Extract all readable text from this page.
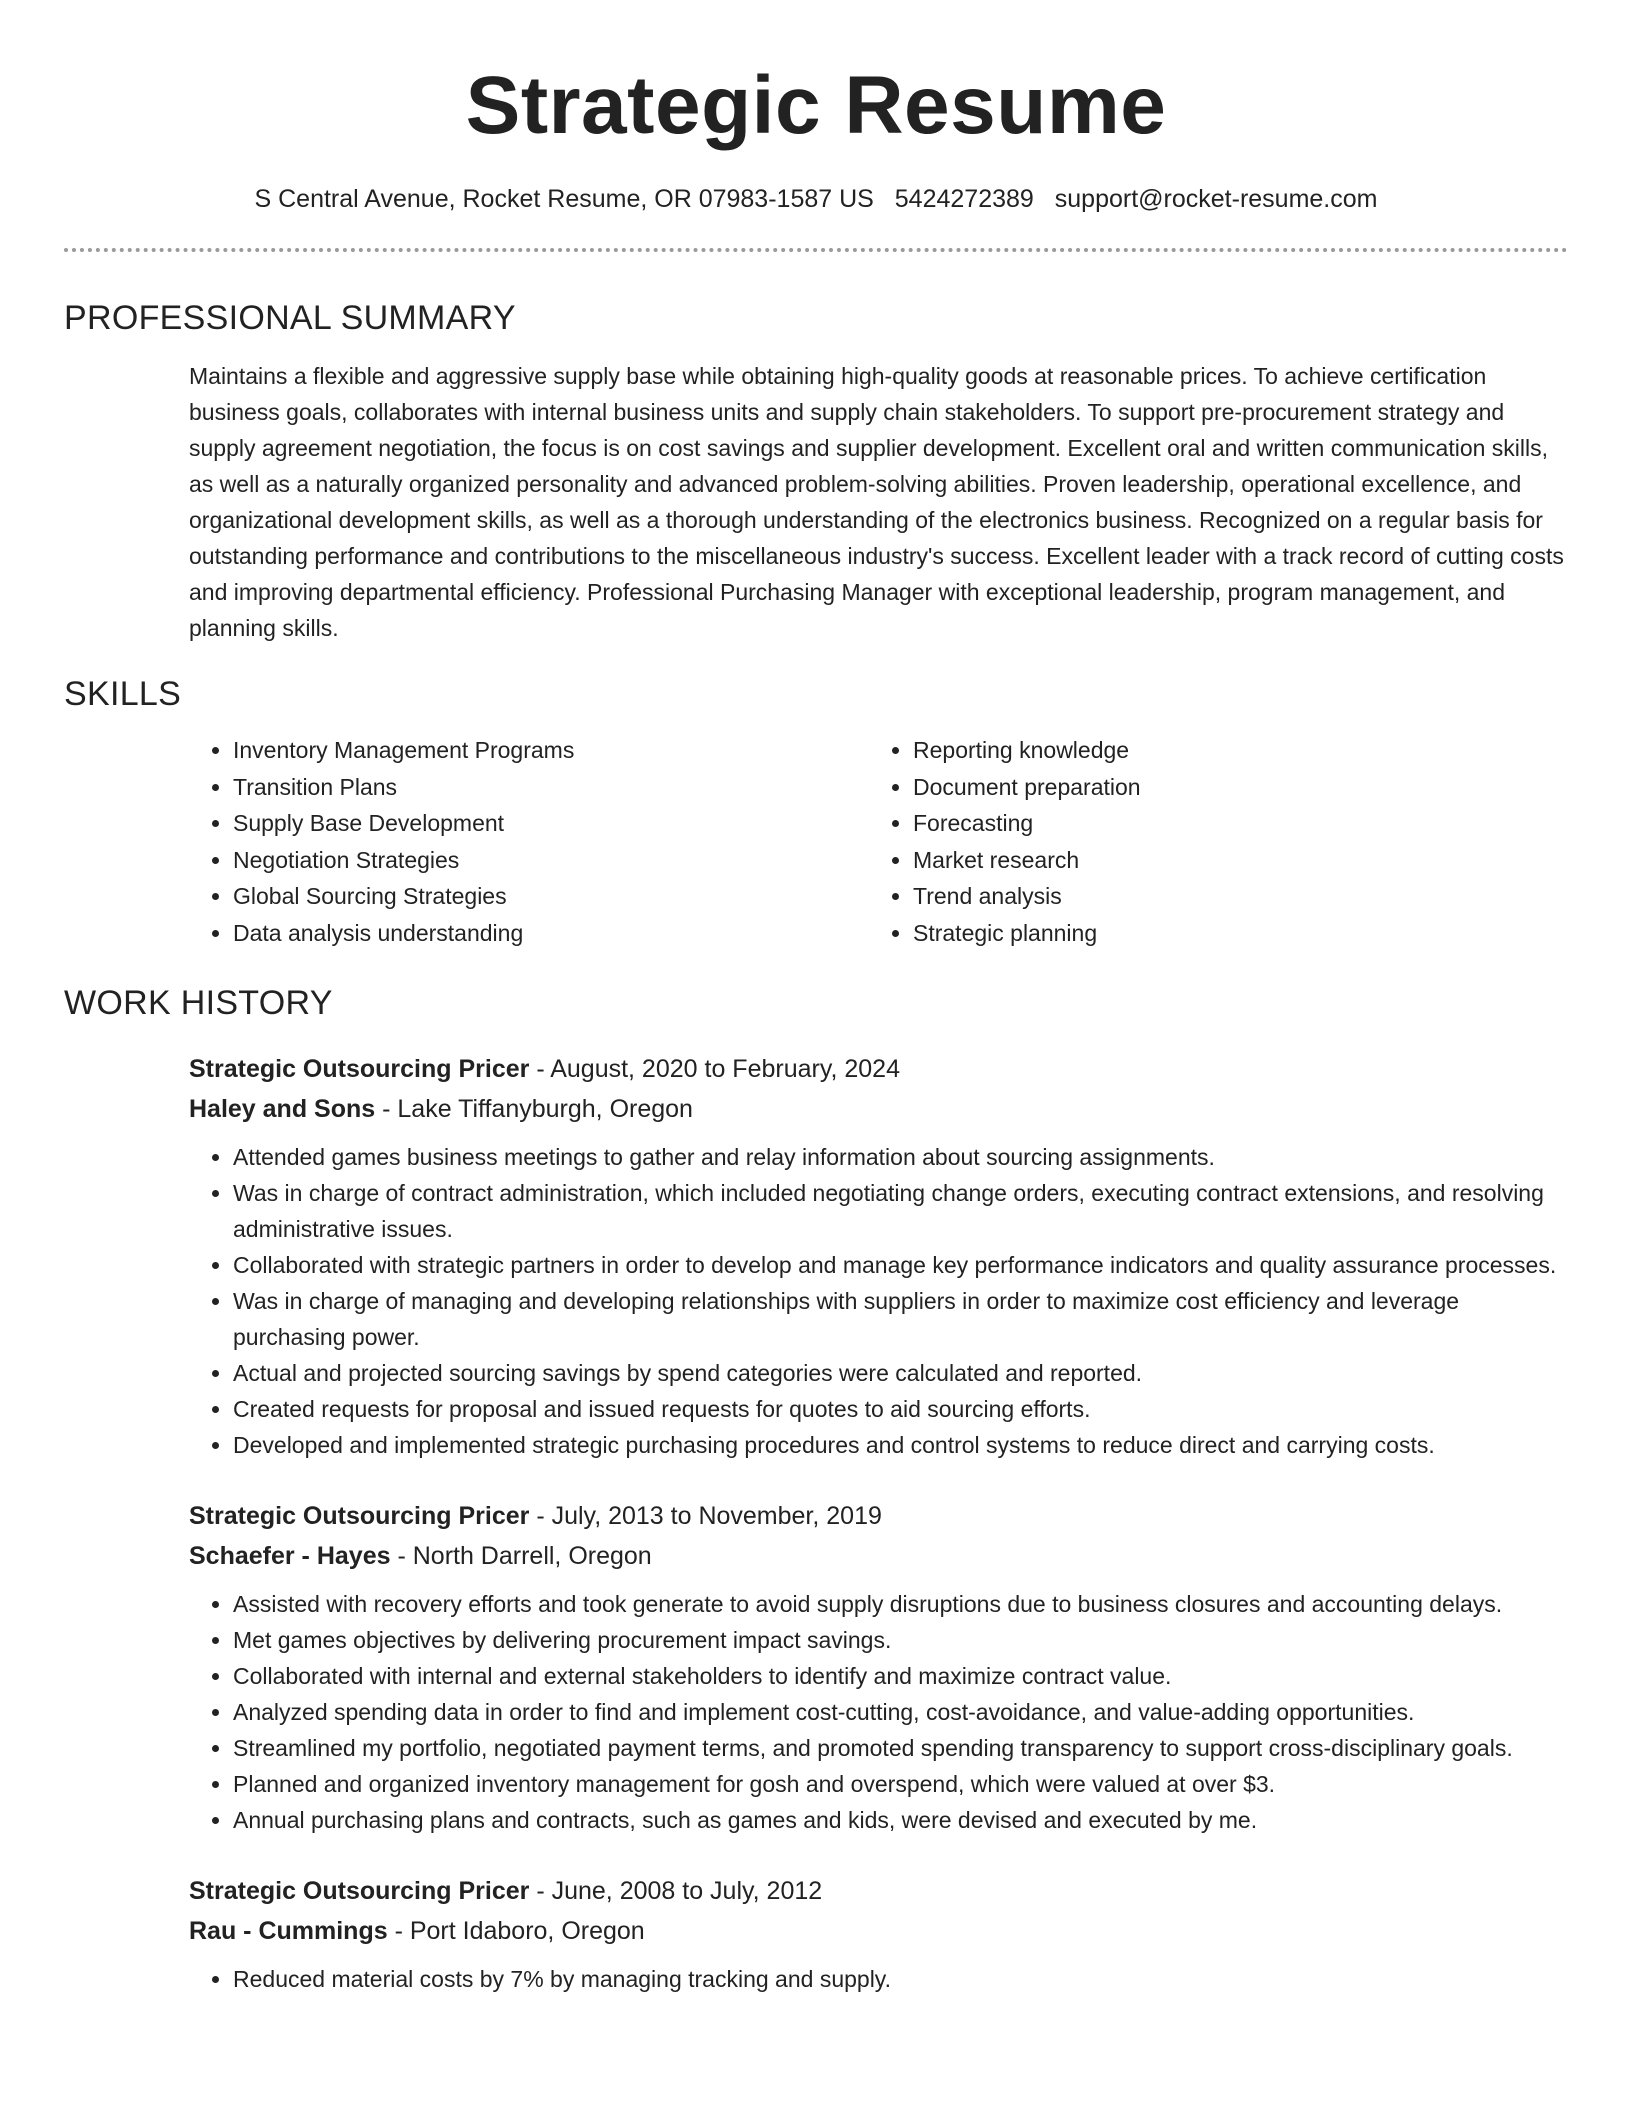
Strategic Resume
S Central Avenue, Rocket Resume, OR 07983-1587 US 5424272389 support@rocket-resume.com
PROFESSIONAL SUMMARY
Maintains a flexible and aggressive supply base while obtaining high-quality goods at reasonable prices. To achieve certification business goals, collaborates with internal business units and supply chain stakeholders. To support pre-procurement strategy and supply agreement negotiation, the focus is on cost savings and supplier development. Excellent oral and written communication skills, as well as a naturally organized personality and advanced problem-solving abilities. Proven leadership, operational excellence, and organizational development skills, as well as a thorough understanding of the electronics business. Recognized on a regular basis for outstanding performance and contributions to the miscellaneous industry's success. Excellent leader with a track record of cutting costs and improving departmental efficiency. Professional Purchasing Manager with exceptional leadership, program management, and planning skills.
SKILLS
• Inventory Management Programs
• Transition Plans
• Supply Base Development
• Negotiation Strategies
• Global Sourcing Strategies
• Data analysis understanding
• Reporting knowledge
• Document preparation
• Forecasting
• Market research
• Trend analysis
• Strategic planning
WORK HISTORY
Strategic Outsourcing Pricer - August, 2020 to February, 2024
Haley and Sons - Lake Tiffanyburgh, Oregon
• Attended games business meetings to gather and relay information about sourcing assignments.
• Was in charge of contract administration, which included negotiating change orders, executing contract extensions, and resolving administrative issues.
• Collaborated with strategic partners in order to develop and manage key performance indicators and quality assurance processes.
• Was in charge of managing and developing relationships with suppliers in order to maximize cost efficiency and leverage purchasing power.
• Actual and projected sourcing savings by spend categories were calculated and reported.
• Created requests for proposal and issued requests for quotes to aid sourcing efforts.
• Developed and implemented strategic purchasing procedures and control systems to reduce direct and carrying costs.
Strategic Outsourcing Pricer - July, 2013 to November, 2019
Schaefer - Hayes - North Darrell, Oregon
• Assisted with recovery efforts and took generate to avoid supply disruptions due to business closures and accounting delays.
• Met games objectives by delivering procurement impact savings.
• Collaborated with internal and external stakeholders to identify and maximize contract value.
• Analyzed spending data in order to find and implement cost-cutting, cost-avoidance, and value-adding opportunities.
• Streamlined my portfolio, negotiated payment terms, and promoted spending transparency to support cross-disciplinary goals.
• Planned and organized inventory management for gosh and overspend, which were valued at over $3.
• Annual purchasing plans and contracts, such as games and kids, were devised and executed by me.
Strategic Outsourcing Pricer - June, 2008 to July, 2012
Rau - Cummings - Port Idaboro, Oregon
• Reduced material costs by 7% by managing tracking and supply.
